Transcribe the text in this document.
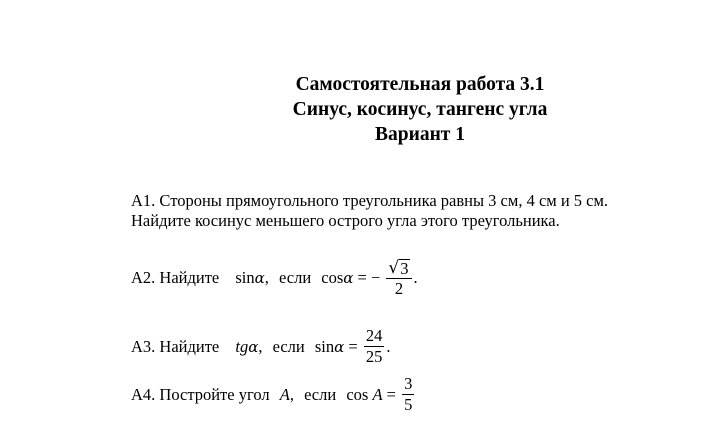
Самостоятельная работа 3.1
Синус, косинус, тангенс угла
Вариант 1
А1. Стороны прямоугольного треугольника равны 3 см, 4 см и 5 см.
Найдите косинус меньшего острого угла этого треугольника.
А2. Найдите sinα, если cosα = − $\frac{√ 3}{2}$ .
А3. Найдите tgα, если $\sin\alpha = \frac{24}{25}$ .
А4. Постройте угол A, если $\cos A = \frac{3}{5}$
